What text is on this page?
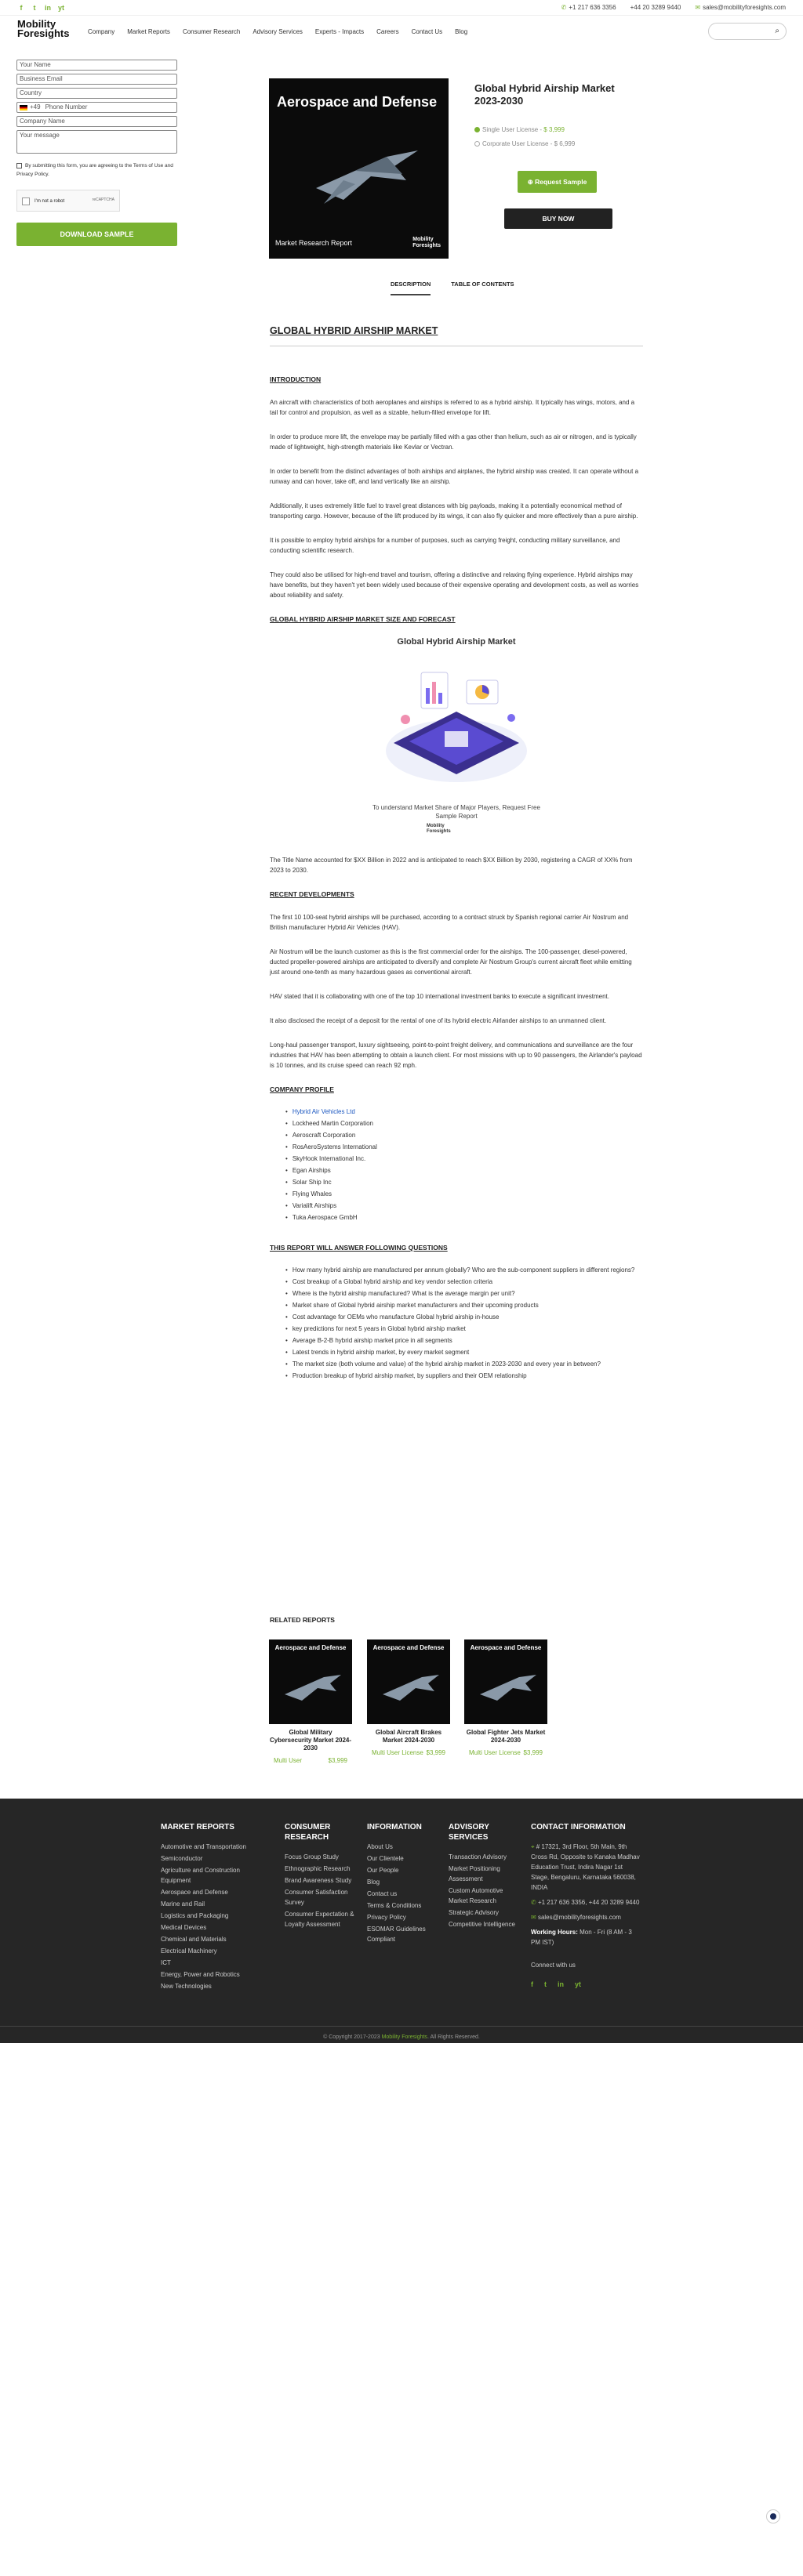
f	t	in yt	✆ +1 217 636 3356 +44 20 3289 9440 ✉ sales@mobilityforesights.com
Mobility
Foresights	Company Market Reports Consumer Research Advisory Services Experts - Impacts Careers Contact Us Blog	⌕
Your Name
Business Email
Country
+49 Phone Number
Company Name
Your message
By submitting this form, you are agreeing to the Terms of Use and Privacy Policy.
I'm not a robot	reCAPTCHA
DOWNLOAD SAMPLE
Aerospace and Defense
Market Research Report	Mobility
Foresights
Global Hybrid Airship Market 2023-2030
Single User License - $ 3,999
Corporate User License - $ 6,999
⊕ Request Sample
BUY NOW
DESCRIPTION	TABLE OF CONTENTS
GLOBAL HYBRID AIRSHIP MARKET
INTRODUCTION

An aircraft with characteristics of both aeroplanes and airships is referred to as a hybrid airship. It typically has wings, motors, and a tail for control and propulsion, as well as a sizable, helium-filled envelope for lift.

In order to produce more lift, the envelope may be partially filled with a gas other than helium, such as air or nitrogen, and is typically made of lightweight, high-strength materials like Kevlar or Vectran.

In order to benefit from the distinct advantages of both airships and airplanes, the hybrid airship was created. It can operate without a runway and can hover, take off, and land vertically like an airship.

Additionally, it uses extremely little fuel to travel great distances with big payloads, making it a potentially economical method of transporting cargo. However, because of the lift produced by its wings, it can also fly quicker and more effectively than a pure airship.

It is possible to employ hybrid airships for a number of purposes, such as carrying freight, conducting military surveillance, and conducting scientific research.

They could also be utilised for high-end travel and tourism, offering a distinctive and relaxing flying experience. Hybrid airships may have benefits, but they haven't yet been widely used because of their expensive operating and development costs, as well as worries about reliability and safety.

GLOBAL HYBRID AIRSHIP MARKET SIZE AND FORECAST
Global Hybrid Airship Market
To understand Market Share of Major Players, Request Free Sample Report
Mobility
Foresights

The Title Name accounted for $XX Billion in 2022 and is anticipated to reach $XX Billion by 2030, registering a CAGR of XX% from 2023 to 2030.

RECENT DEVELOPMENTS

The first 10 100-seat hybrid airships will be purchased, according to a contract struck by Spanish regional carrier Air Nostrum and British manufacturer Hybrid Air Vehicles (HAV).

Air Nostrum will be the launch customer as this is the first commercial order for the airships. The 100-passenger, diesel-powered, ducted propeller-powered airships are anticipated to diversify and complete Air Nostrum Group's current aircraft fleet while emitting just around one-tenth as many hazardous gases as conventional aircraft.

HAV stated that it is collaborating with one of the top 10 international investment banks to execute a significant investment.

It also disclosed the receipt of a deposit for the rental of one of its hybrid electric Airlander airships to an unmanned client.

Long-haul passenger transport, luxury sightseeing, point-to-point freight delivery, and communications and surveillance are the four industries that HAV has been attempting to obtain a launch client. For most missions with up to 90 passengers, the Airlander's payload is 10 tonnes, and its cruise speed can reach 92 mph.

COMPANY PROFILE
• Hybrid Air Vehicles Ltd
• Lockheed Martin Corporation
• Aeroscraft Corporation
• RosAeroSystems International
• SkyHook International Inc.
• Egan Airships
• Solar Ship Inc
• Flying Whales
• Varialift Airships
• Tuka Aerospace GmbH
THIS REPORT WILL ANSWER FOLLOWING QUESTIONS
• How many hybrid airship are manufactured per annum globally? Who are the sub-component suppliers in different regions?
• Cost breakup of a Global hybrid airship and key vendor selection criteria
• Where is the hybrid airship manufactured? What is the average margin per unit?
• Market share of Global hybrid airship market manufacturers and their upcoming products
• Cost advantage for OEMs who manufacture Global hybrid airship in-house
• key predictions for next 5 years in Global hybrid airship market
• Average B-2-B hybrid airship market price in all segments
• Latest trends in hybrid airship market, by every market segment
• The market size (both volume and value) of the hybrid airship market in 2023-2030 and every year in between?
• Production breakup of hybrid airship market, by suppliers and their OEM relationship
RELATED REPORTS
Aerospace and Defense
Global Military Cybersecurity Market 2024-2030
Multi User	$3,999
Aerospace and Defense
Global Aircraft Brakes Market 2024-2030
Multi User License $3,999
Aerospace and Defense
Global Fighter Jets Market 2024-2030
Multi User License $3,999
MARKET REPORTS
Automotive and Transportation
Semiconductor
Agriculture and Construction Equipment
Aerospace and Defense
Marine and Rail
Logistics and Packaging
Medical Devices
Chemical and Materials
Electrical Machinery
ICT
Energy, Power and Robotics
New Technologies
CONSUMER RESEARCH
Focus Group Study
Ethnographic Research
Brand Awareness Study
Consumer Satisfaction Survey
Consumer Expectation & Loyalty Assessment
INFORMATION
About Us
Our Clientele
Our People
Blog
Contact us
Terms & Conditions
Privacy Policy
ESOMAR Guidelines Compliant
ADVISORY SERVICES
Transaction Advisory
Market Positioning Assessment
Custom Automotive Market Research
Strategic Advisory
Competitive Intelligence
CONTACT INFORMATION
⌖ # 17321, 3rd Floor, 5th Main, 9th Cross Rd, Opposite to Kanaka Madhav Education Trust, Indira Nagar 1st Stage, Bengaluru, Karnataka 560038, INDIA
✆ +1 217 636 3356, +44 20 3289 9440
✉ sales@mobilityforesights.com
Working Hours: Mon - Fri (8 AM - 3 PM IST)
Connect with us
f t in yt
© Copyright 2017-2023 Mobility Foresights. All Rights Reserved.
